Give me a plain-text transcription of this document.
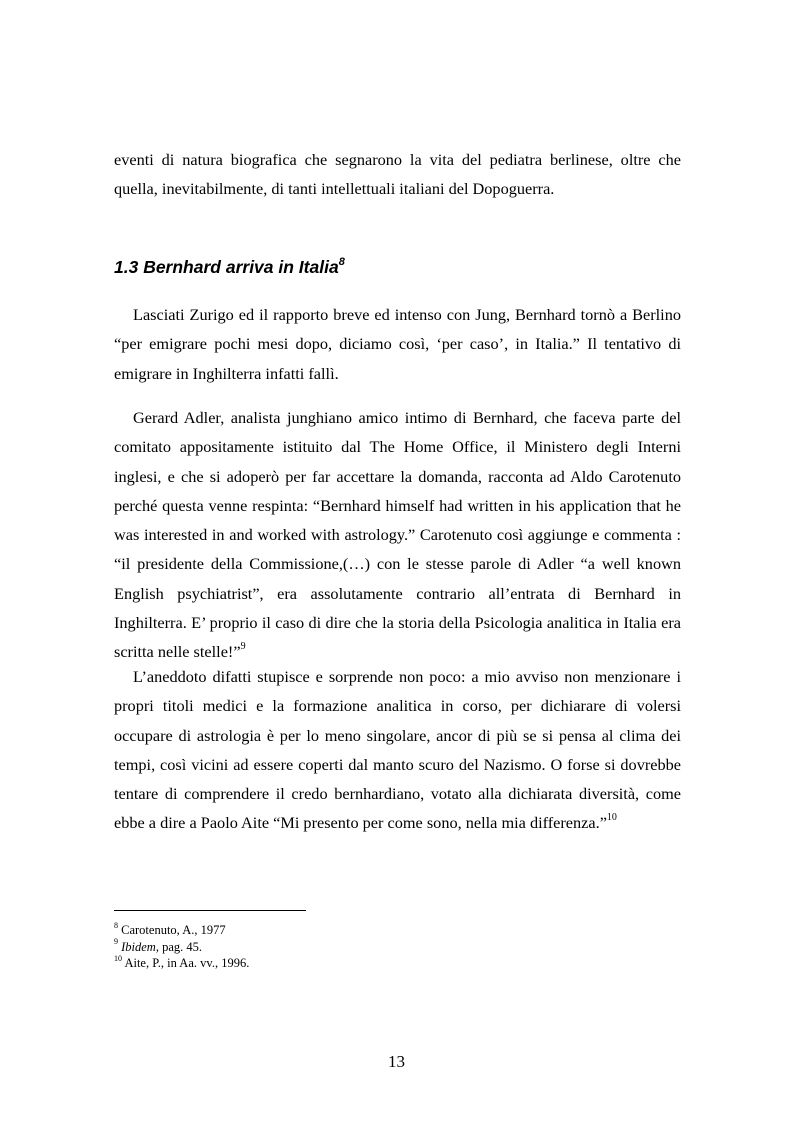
eventi di natura biografica che segnarono la vita del pediatra berlinese, oltre che quella, inevitabilmente, di tanti intellettuali italiani del Dopoguerra.

1.3 Bernhard arriva in Italia$^8$

Lasciati Zurigo ed il rapporto breve ed intenso con Jung, Bernhard tornò a Berlino “per emigrare pochi mesi dopo, diciamo così, ‘per caso’, in Italia.” Il tentativo di emigrare in Inghilterra infatti fallì.

Gerard Adler, analista junghiano amico intimo di Bernhard, che faceva parte del comitato appositamente istituito dal The Home Office, il Ministero degli Interni inglesi, e che si adoperò per far accettare la domanda, racconta ad Aldo Carotenuto perché questa venne respinta: “Bernhard himself had written in his application that he was interested in and worked with astrology.” Carotenuto così aggiunge e commenta : “il presidente della Commissione,(…) con le stesse parole di Adler “a well known English psychiatrist”, era assolutamente contrario all’entrata di Bernhard in Inghilterra. E’ proprio il caso di dire che la storia della Psicologia analitica in Italia era scritta nelle stelle!”$^9$

L’aneddoto difatti stupisce e sorprende non poco: a mio avviso non menzionare i propri titoli medici e la formazione analitica in corso, per dichiarare di volersi occupare di astrologia è per lo meno singolare, ancor di più se si pensa al clima dei tempi, così vicini ad essere coperti dal manto scuro del Nazismo. O forse si dovrebbe tentare di comprendere il credo bernhardiano, votato alla dichiarata diversità, come ebbe a dire a Paolo Aite “Mi presento per come sono, nella mia differenza.”$^{10}$

$^8$ Carotenuto, A., 1977

$^9$ Ibidem, pag. 45.

$^{10}$ Aite, P., in Aa. vv., 1996.

13
